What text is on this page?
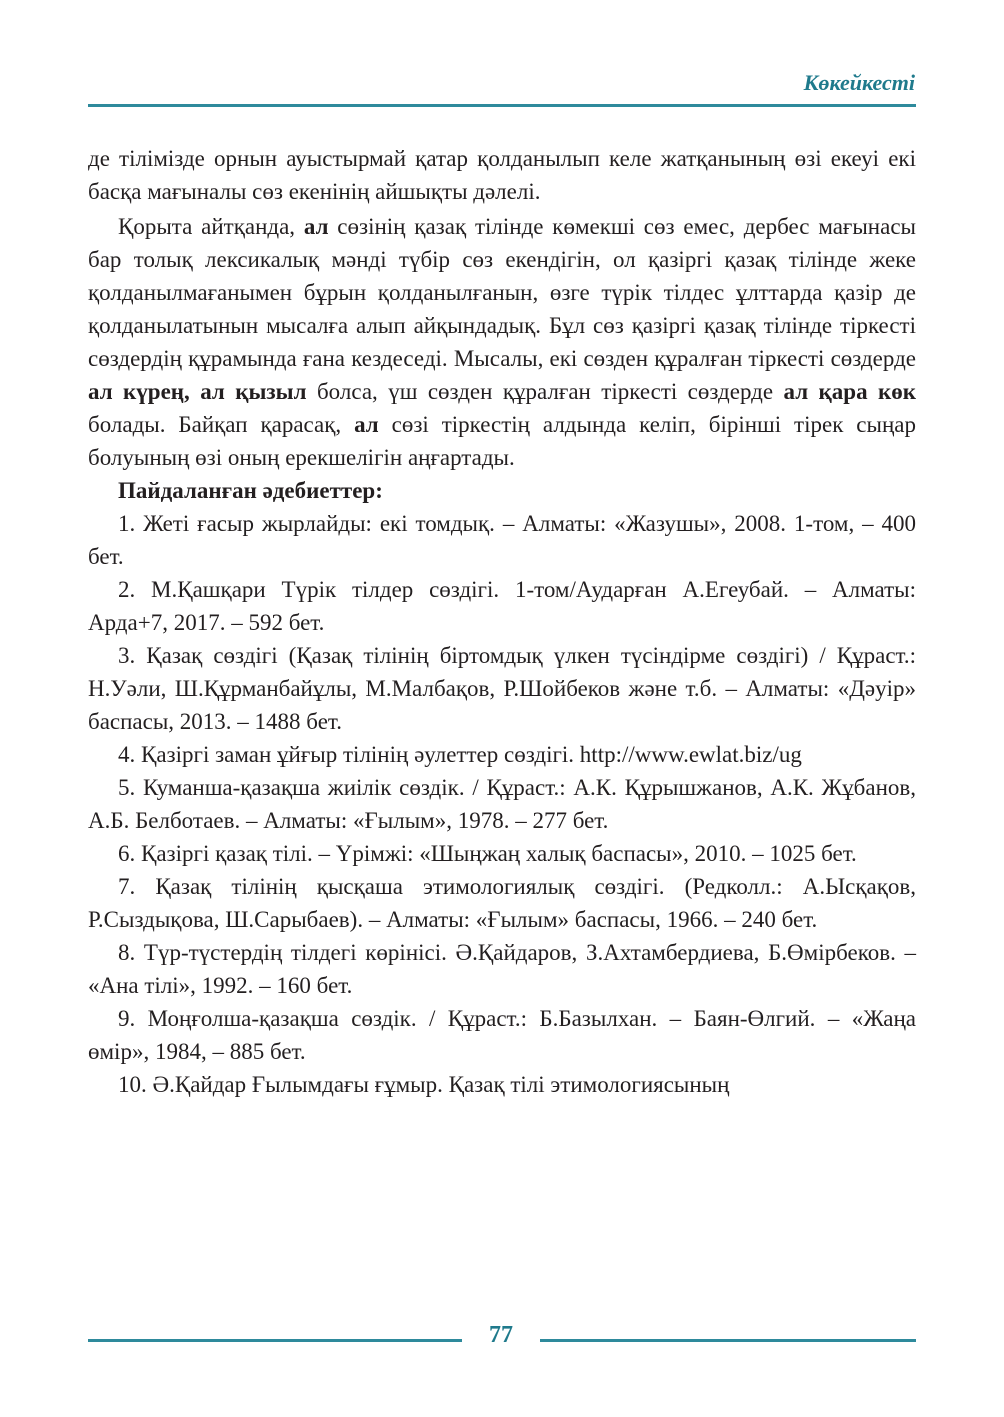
Көкейкесті

де тілімізде орнын ауыстырмай қатар қолданылып келе жатқанының өзі екеуі екі басқа мағыналы сөз екенінің айшықты дәлелі.

Қорыта айтқанда, ал сөзінің қазақ тілінде көмекші сөз емес, дербес мағынасы бар толық лексикалық мәнді түбір сөз екендігін, ол қазіргі қазақ тілінде жеке қолданылмағанымен бұрын қолданылғанын, өзге түрік тілдес ұлттарда қазір де қолданылатынын мысалға алып айқындадық. Бұл сөз қазіргі қазақ тілінде тіркесті сөздердің құрамында ғана кездеседі. Мысалы, екі сөзден құралған тіркесті сөздерде ал күрең, ал қызыл болса, үш сөзден құралған тіркесті сөздерде ал қара көк болады. Байқап қарасақ, ал сөзі тіркестің алдында келіп, бірінші тірек сыңар болуының өзі оның ерекшелігін аңғартады.

Пайдаланған әдебиеттер:

1. Жеті ғасыр жырлайды: екі томдық. – Алматы: «Жазушы», 2008. 1-том, – 400 бет.

2. М.Қашқари Түрік тілдер сөздігі. 1-том/Аударған А.Егеубай. – Алматы: Арда+7, 2017. – 592 бет.

3. Қазақ сөздігі (Қазақ тілінің біртомдық үлкен түсіндірме сөздігі) / Құраст.: Н.Уәли, Ш.Құрманбайұлы, М.Малбақов, Р.Шойбеков және т.б. – Алматы: «Дәуір» баспасы, 2013. – 1488 бет.

4. Қазіргі заман ұйғыр тілінің әулеттер сөздігі. http://www.ewlat.biz/ug

5. Куманша-қазақша жиілік сөздік. / Құраст.: А.К. Құрышжанов, А.К. Жұбанов, А.Б. Белботаев. – Алматы: «Ғылым», 1978. – 277 бет.

6. Қазіргі қазақ тілі. – Үрімжі: «Шыңжаң халық баспасы», 2010. – 1025 бет.

7. Қазақ тілінің қысқаша этимологиялық сөздігі. (Редколл.: А.Ысқақов, Р.Сыздықова, Ш.Сарыбаев). – Алматы: «Ғылым» баспасы, 1966. – 240 бет.

8. Түр-түстердің тілдегі көрінісі. Ә.Қайдаров, З.Ахтамбердиева, Б.Өмірбеков. – «Ана тілі», 1992. – 160 бет.

9. Моңғолша-қазақша сөздік. / Құраст.: Б.Базылхан. – Баян-Өлгий. – «Жаңа өмір», 1984, – 885 бет.

10. Ә.Қайдар Ғылымдағы ғұмыр. Қазақ тілі этимологиясының

77
